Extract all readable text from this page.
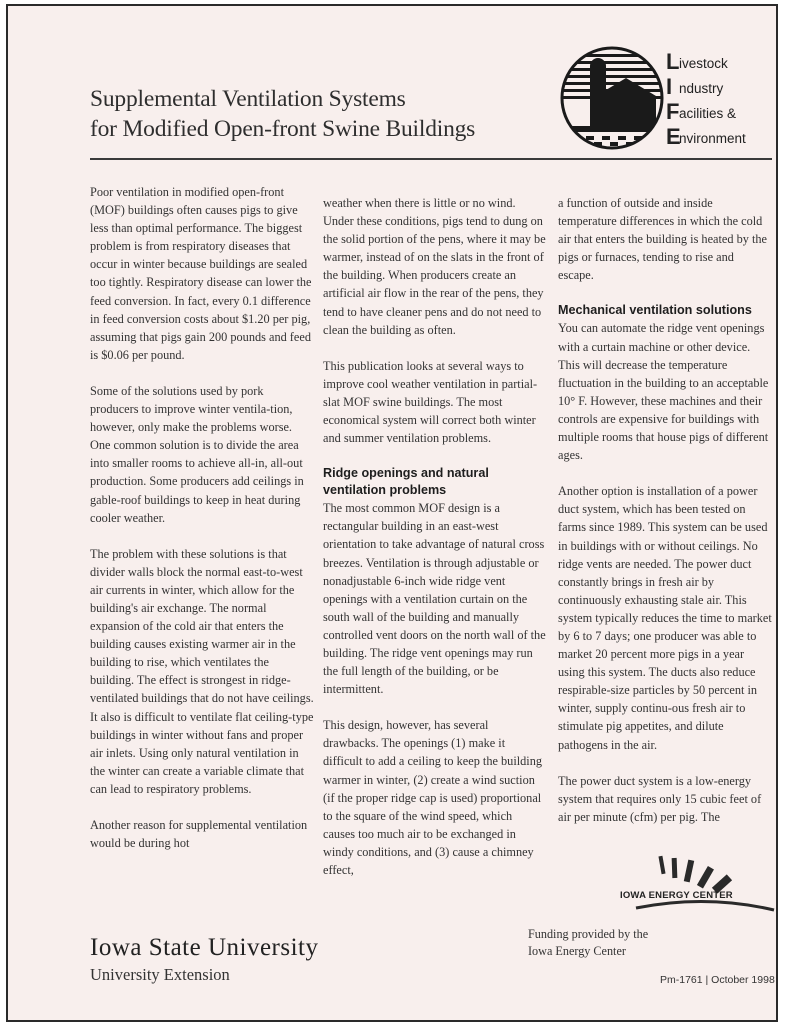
Supplemental Ventilation Systems
for Modified Open-front Swine Buildings
L ivestock
I ndustry
F acilities &
E
nvironment

Poor ventilation in modified open-front (MOF) buildings often causes pigs to give less than optimal performance. The biggest problem is from respiratory diseases that occur in winter because buildings are sealed too tightly. Respiratory disease can lower the feed conversion. In fact, every 0.1 difference in feed conversion costs about $1.20 per pig, assuming that pigs gain 200 pounds and feed is $0.06 per pound.

Some of the solutions used by pork producers to improve winter ventila-tion, however, only make the problems worse. One common solution is to divide the area into smaller rooms to achieve all-in, all-out production. Some producers add ceilings in gable-roof buildings to keep in heat during cooler weather.

The problem with these solutions is that divider walls block the normal east-to-west air currents in winter, which allow for the building's air exchange. The normal expansion of the cold air that enters the building causes existing warmer air in the building to rise, which ventilates the building. The effect is strongest in ridge-ventilated buildings that do not have ceilings. It also is difficult to ventilate flat ceiling-type buildings in winter without fans and proper air inlets. Using only natural ventilation in the winter can create a variable climate that can lead to respiratory problems.

Another reason for supplemental ventilation would be during hot

weather when there is little or no wind. Under these conditions, pigs tend to dung on the solid portion of the pens, where it may be warmer, instead of on the slats in the front of the building. When producers create an artificial air flow in the rear of the pens, they tend to have cleaner pens and do not need to clean the building as often.

This publication looks at several ways to improve cool weather ventilation in partial-slat MOF swine buildings. The most economical system will correct both winter and summer ventilation problems.

Ridge openings and natural ventilation problems

The most common MOF design is a rectangular building in an east-west orientation to take advantage of natural cross breezes. Ventilation is through adjustable or nonadjustable 6-inch wide ridge vent openings with a ventilation curtain on the south wall of the building and manually controlled vent doors on the north wall of the building. The ridge vent openings may run the full length of the building, or be intermittent.

This design, however, has several drawbacks. The openings (1) make it difficult to add a ceiling to keep the building warmer in winter, (2) create a wind suction (if the proper ridge cap is used) proportional to the square of the wind speed, which causes too much air to be exchanged in windy conditions, and (3) cause a chimney effect,

a function of outside and inside temperature differences in which the cold air that enters the building is heated by the pigs or furnaces, tending to rise and escape.

Mechanical ventilation solutions

You can automate the ridge vent openings with a curtain machine or other device. This will decrease the temperature fluctuation in the building to an acceptable 10° F. However, these machines and their controls are expensive for buildings with multiple rooms that house pigs of different ages.

Another option is installation of a power duct system, which has been tested on farms since 1989. This system can be used in buildings with or without ceilings. No ridge vents are needed. The power duct constantly brings in fresh air by continuously exhausting stale air. This system typically reduces the time to market by 6 to 7 days; one producer was able to market 20 percent more pigs in a year using this system. The ducts also reduce respirable-size particles by 50 percent in winter, supply continu-ous fresh air to stimulate pig appetites, and dilute pathogens in the air.

The power duct system is a low-energy system that requires only 15 cubic feet of air per minute (cfm) per pig. The

IOWA ENERGY CENTER
Funding provided by the
Iowa Energy Center
Iowa State University
University Extension	Pm-1761 | October 1998
